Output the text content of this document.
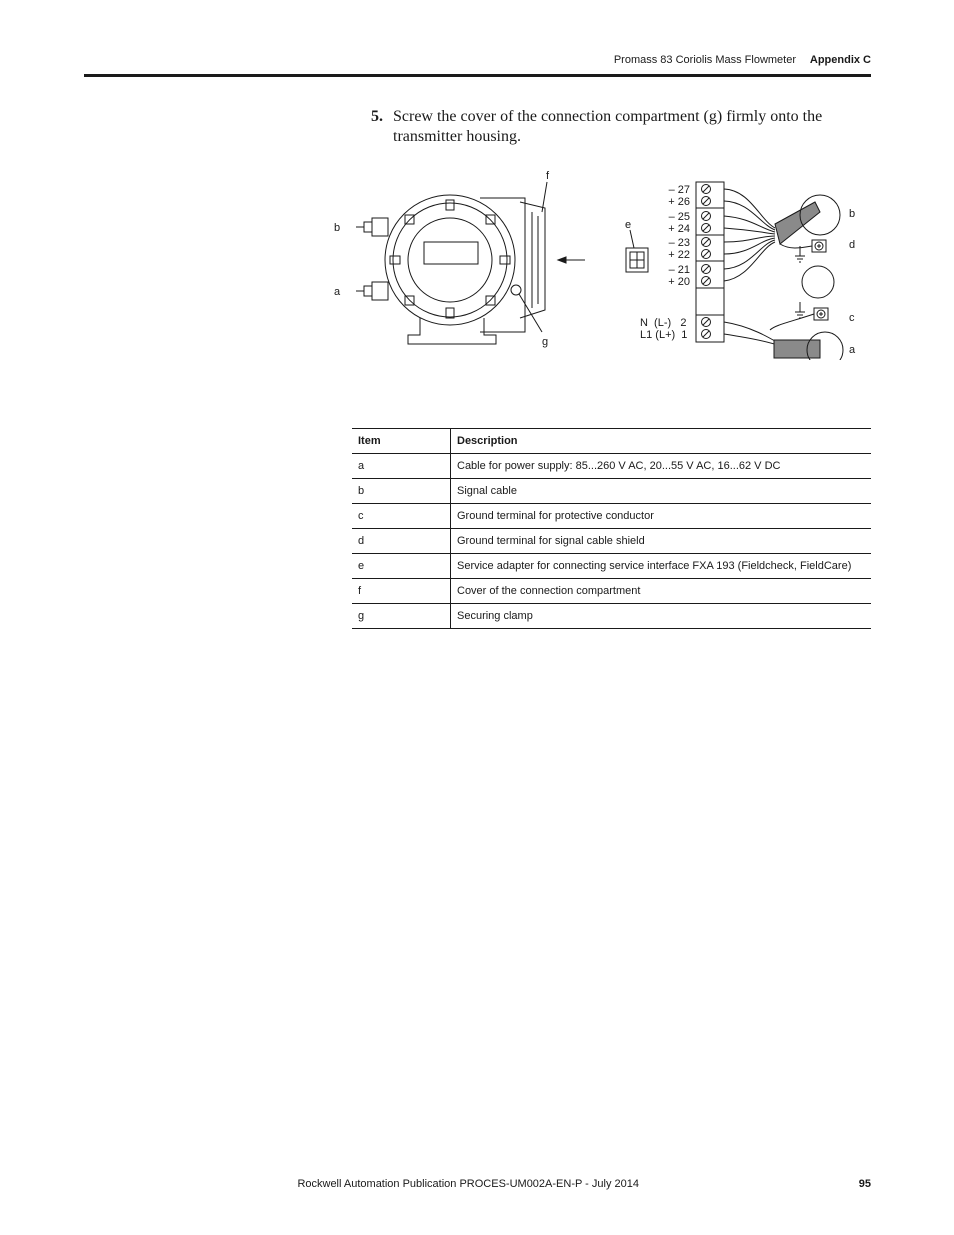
Promass 83 Coriolis Mass Flowmeter Appendix C
5. Screw the cover of the connection compartment (g) firmly onto the transmitter housing.
b
a
f
g
e
– 27
+ 26
– 25
+ 24
– 23
+ 22
– 21
+ 20
N  (L-)   2
L1 (L+)  1
b
d
c
a
Item	Description
a	Cable for power supply: 85...260 V AC, 20...55 V AC, 16...62 V DC
b	Signal cable
c	Ground terminal for protective conductor
d	Ground terminal for signal cable shield
e	Service adapter for connecting service interface FXA 193 (Fieldcheck, FieldCare)
f	Cover of the connection compartment
g	Securing clamp
Rockwell Automation Publication PROCES-UM002A-EN-P - July 2014	95
